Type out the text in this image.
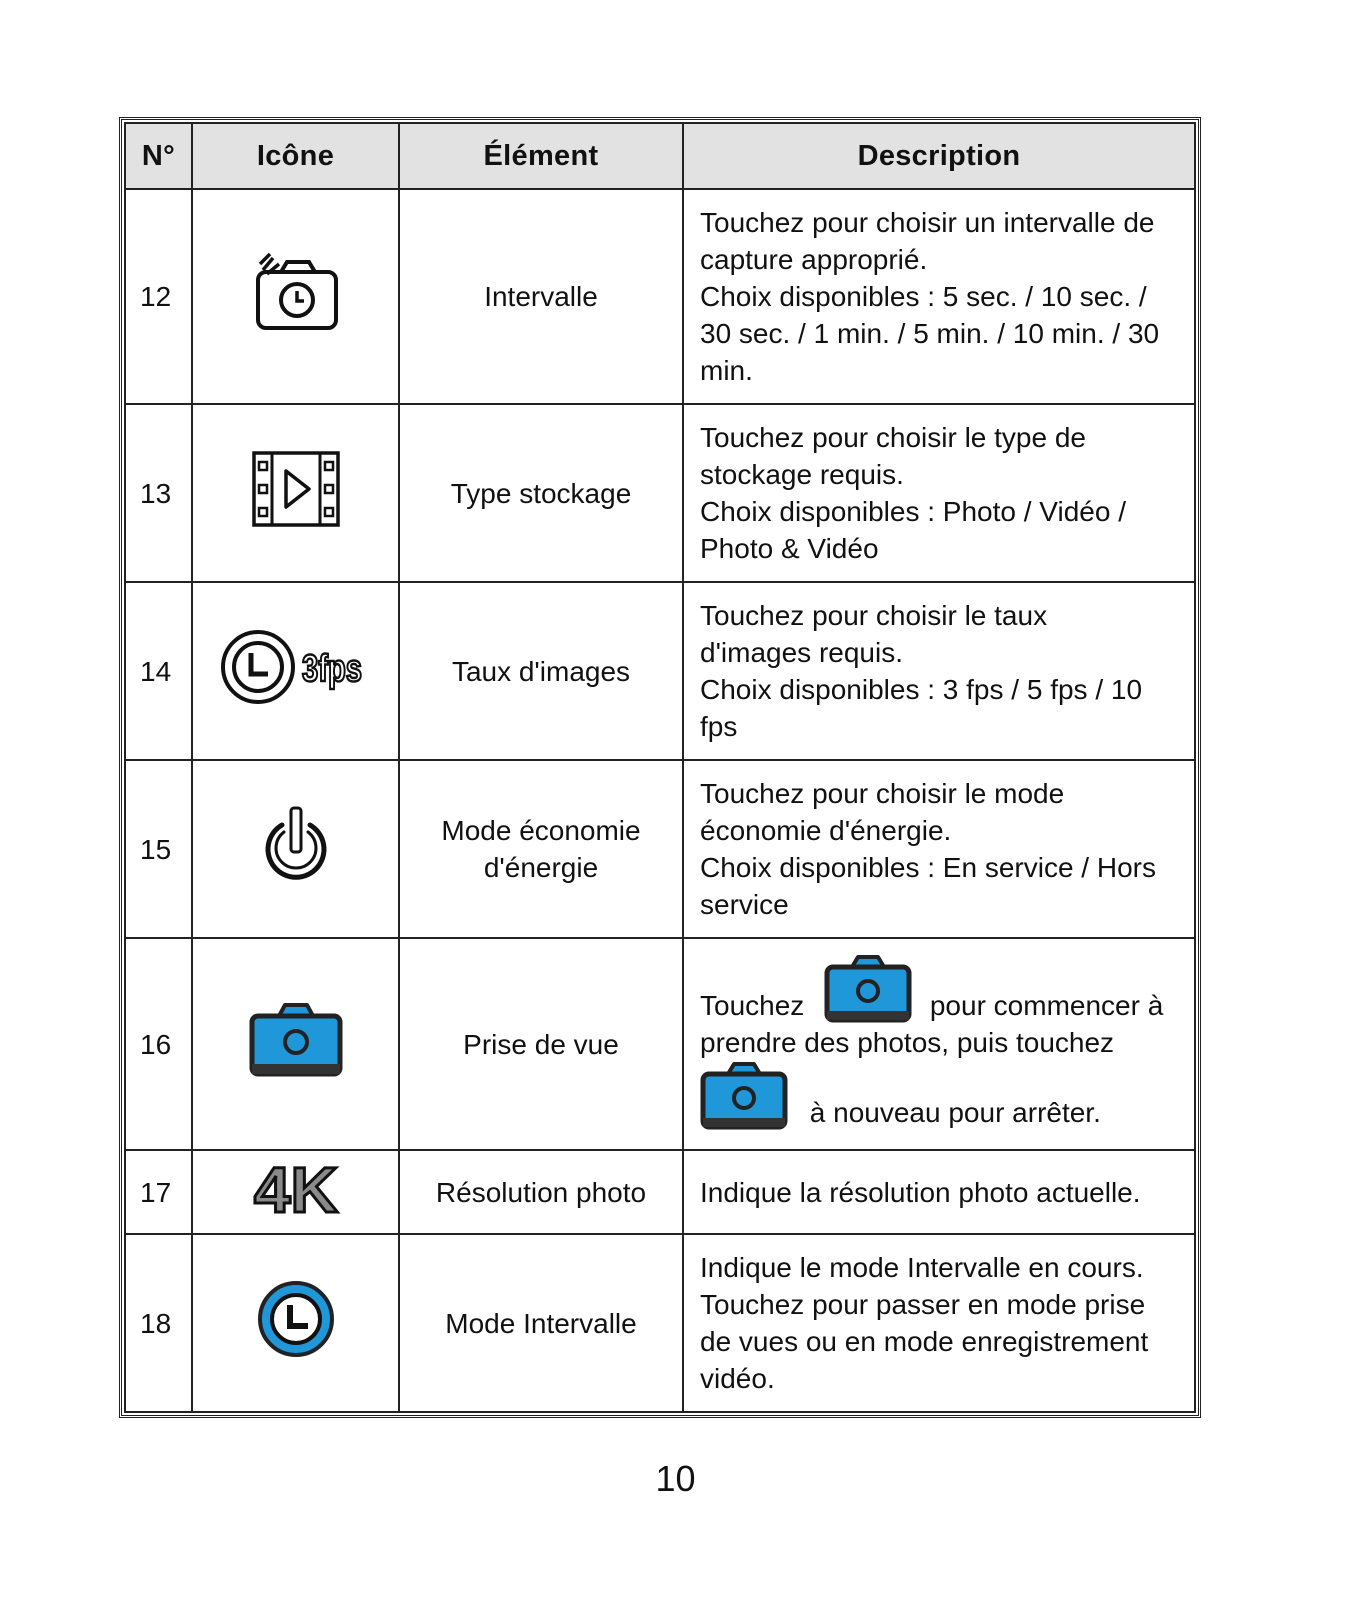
N°	Icône	Élément	Description
12		Intervalle	Touchez pour choisir un intervalle de
capture approprié.
Choix disponibles : 5 sec. / 10 sec. /
30 sec. / 1 min. / 5 min. / 10 min. / 30
min.

13		Type stockage	Touchez pour choisir le type de
stockage requis.
Choix disponibles : Photo / Vidéo /
Photo & Vidéo

14	3fps	Taux d'images	Touchez pour choisir le taux
d'images requis.
Choix disponibles : 3 fps / 5 fps / 10
fps

15		Mode économie
d'énergie	Touchez pour choisir le mode
économie d'énergie.
Choix disponibles : En service / Hors
service

16		Prise de vue	Touchez pour commencer à
prendre des photos, puis touchez
à nouveau pour arrêter.

17	4K	Résolution photo	Indique la résolution photo actuelle.

18		Mode Intervalle	Indique le mode Intervalle en cours.
Touchez pour passer en mode prise
de vues ou en mode enregistrement
vidéo.
10
